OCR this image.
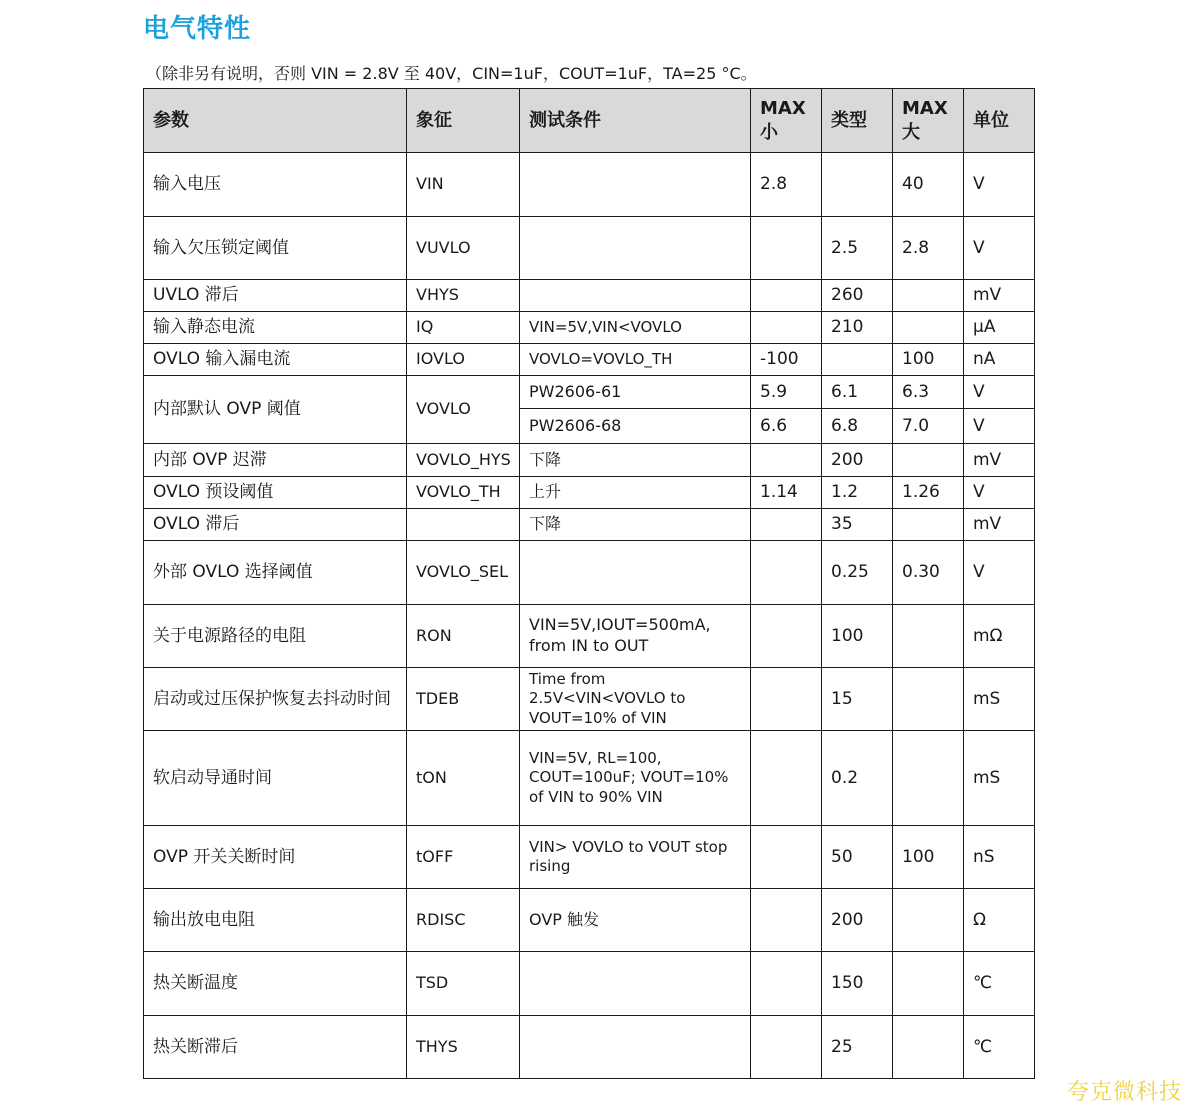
电气特性
（除非另有说明，否则 VIN = 2.8V 至 40V，CIN=1uF，COUT=1uF，TA=25 °C。
参数	象征	测试条件	MAX小	类型	MAX大	单位
输入电压	VIN		2.8		40	V
输入欠压锁定阈值	VUVLO			2.5	2.8	V
UVLO 滞后	VHYS			260		mV
输入静态电流	IQ	VIN=5V,VIN<VOVLO		210		µA
OVLO 输入漏电流	IOVLO	VOVLO=VOVLO_TH	-100		100	nA
内部默认 OVP 阈值	VOVLO	PW2606-61	5.9	6.1	6.3	V
		PW2606-68	6.6	6.8	7.0	V
内部 OVP 迟滞	VOVLO_HYS	下降		200		mV
OVLO 预设阈值	VOVLO_TH	上升	1.14	1.2	1.26	V
OVLO 滞后		下降		35		mV
外部 OVLO 选择阈值	VOVLO_SEL			0.25	0.30	V
关于电源路径的电阻	RON	VIN=5V,IOUT=500mA, from IN to OUT		100		mΩ
启动或过压保护恢复去抖动时间	TDEB	Time from 2.5V<VIN<VOVLO to VOUT=10% of VIN		15		mS
软启动导通时间	tON	VIN=5V, RL=100, COUT=100uF; VOUT=10% of VIN to 90% VIN		0.2		mS
OVP 开关关断时间	tOFF	VIN> VOVLO to VOUT stop rising		50	100	nS
输出放电电阻	RDISC	OVP 触发		200		Ω
热关断温度	TSD			150		℃
热关断滞后	THYS			25		℃
夸克微科技
